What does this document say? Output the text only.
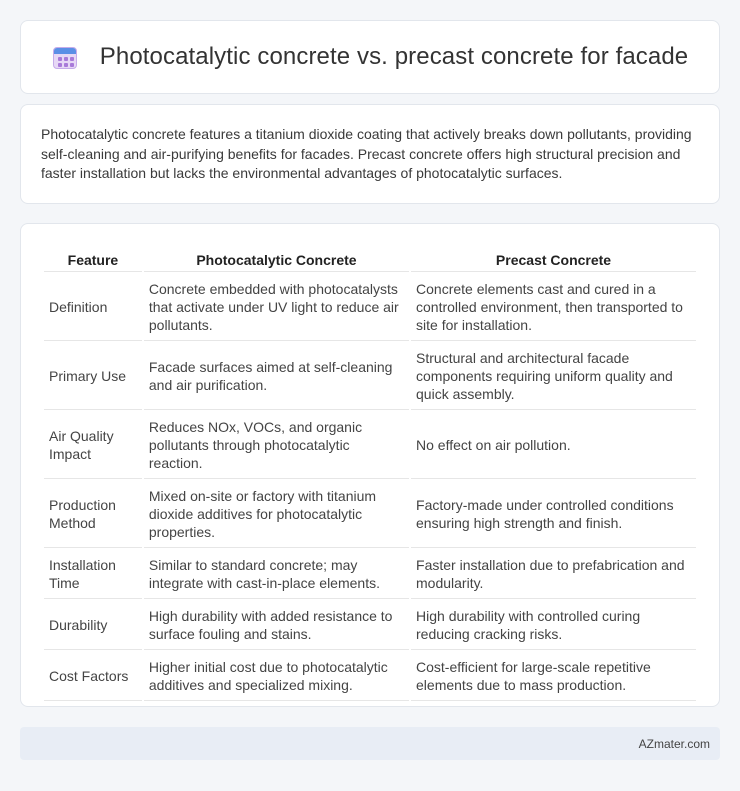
Photocatalytic concrete vs. precast concrete for facade

Photocatalytic concrete features a titanium dioxide coating that actively breaks down pollutants, providing self-cleaning and air-purifying benefits for facades. Precast concrete offers high structural precision and faster installation but lacks the environmental advantages of photocatalytic surfaces.

Feature	Photocatalytic Concrete	Precast Concrete
Definition	Concrete embedded with photocatalysts that activate under UV light to reduce air pollutants.	Concrete elements cast and cured in a controlled environment, then transported to site for installation.
Primary Use	Facade surfaces aimed at self-cleaning and air purification.	Structural and architectural facade components requiring uniform quality and quick assembly.
Air Quality Impact	Reduces NOx, VOCs, and organic pollutants through photocatalytic reaction.	No effect on air pollution.
Production Method	Mixed on-site or factory with titanium dioxide additives for photocatalytic properties.	Factory-made under controlled conditions ensuring high strength and finish.
Installation Time	Similar to standard concrete; may integrate with cast-in-place elements.	Faster installation due to prefabrication and modularity.
Durability	High durability with added resistance to surface fouling and stains.	High durability with controlled curing reducing cracking risks.
Cost Factors	Higher initial cost due to photocatalytic additives and specialized mixing.	Cost-efficient for large-scale repetitive elements due to mass production.
AZmater.com
